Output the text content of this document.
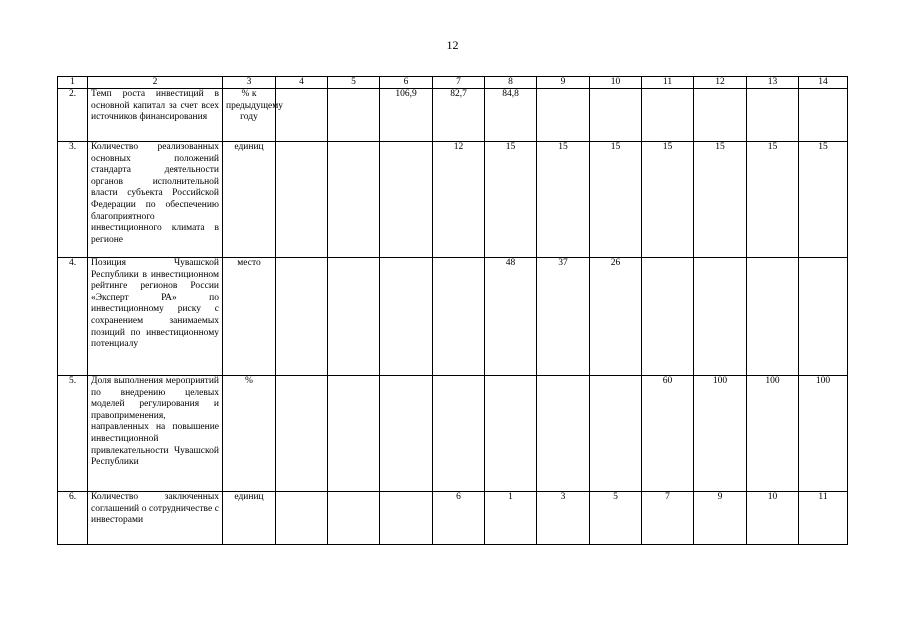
12
1	2	3	4	5	6	7	8	9	10	11	12	13	14
2.	Темп роста инвестиций в основной капитал за счет всех источников финансирования	% к предыдущему году			106,9	82,7	84,8						
3.	Количество реализованных основных положений стандарта деятельности органов исполнительной власти субъекта Российской Федерации по обеспечению благоприятного инвестиционного климата в регионе	единиц				12	15	15	15	15	15	15	15
4.	Позиция Чувашской Республики в инвестиционном рейтинге регионов России «Эксперт РА» по инвестиционному риску с сохранением занимаемых позиций по инвестиционному потенциалу	место					48	37	26				
5.	Доля выполнения мероприятий по внедрению целевых моделей регулирования и правоприменения, направленных на повышение инвестиционной привлекательности Чувашской Республики	%								60	100	100	100
6.	Количество заключенных соглашений о сотрудничестве с инвесторами	единиц				6	1	3	5	7	9	10	11
